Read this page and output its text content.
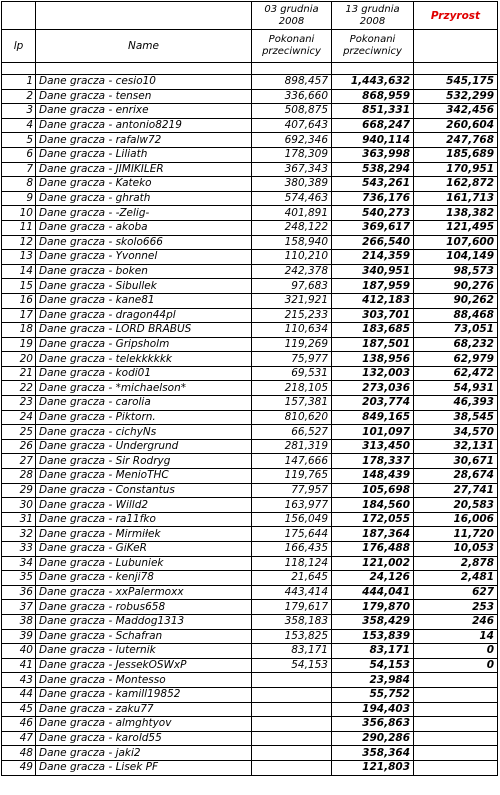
		03 grudnia 2008	13 grudnia 2008	Przyrost
lp	Name	Pokonani przeciwnicy	Pokonani przeciwnicy	

1	Dane gracza - cesio10	898,457	1,443,632	545,175
2	Dane gracza - tensen	336,660	868,959	532,299
3	Dane gracza - enrixe	508,875	851,331	342,456
4	Dane gracza - antonio8219	407,643	668,247	260,604
5	Dane gracza - rafalw72	692,346	940,114	247,768
6	Dane gracza - Liliath	178,309	363,998	185,689
7	Dane gracza - JIMIKILER	367,343	538,294	170,951
8	Dane gracza - Kateko	380,389	543,261	162,872
9	Dane gracza - ghrath	574,463	736,176	161,713
10	Dane gracza - -Zelig-	401,891	540,273	138,382
11	Dane gracza - akoba	248,122	369,617	121,495
12	Dane gracza - skolo666	158,940	266,540	107,600
13	Dane gracza - Yvonnel	110,210	214,359	104,149
14	Dane gracza - boken	242,378	340,951	98,573
15	Dane gracza - Sibullek	97,683	187,959	90,276
16	Dane gracza - kane81	321,921	412,183	90,262
17	Dane gracza - dragon44pl	215,233	303,701	88,468
18	Dane gracza - LORD BRABUS	110,634	183,685	73,051
19	Dane gracza - Gripsholm	119,269	187,501	68,232
20	Dane gracza - telekkkkkk	75,977	138,956	62,979
21	Dane gracza - kodi01	69,531	132,003	62,472
22	Dane gracza - *michaelson*	218,105	273,036	54,931
23	Dane gracza - carolia	157,381	203,774	46,393
24	Dane gracza - Piktorn.	810,620	849,165	38,545
25	Dane gracza - cichyNs	66,527	101,097	34,570
26	Dane gracza - Undergrund	281,319	313,450	32,131
27	Dane gracza - Sir Rodryg	147,666	178,337	30,671
28	Dane gracza - MenioTHC	119,765	148,439	28,674
29	Dane gracza - Constantus	77,957	105,698	27,741
30	Dane gracza - Willd2	163,977	184,560	20,583
31	Dane gracza - ra11fko	156,049	172,055	16,006
32	Dane gracza - Mirmiłek	175,644	187,364	11,720
33	Dane gracza - GiKeR	166,435	176,488	10,053
34	Dane gracza - Lubuniek	118,124	121,002	2,878
35	Dane gracza - kenji78	21,645	24,126	2,481
36	Dane gracza - xxPalermoxx	443,414	444,041	627
37	Dane gracza - robus658	179,617	179,870	253
38	Dane gracza - Maddog1313	358,183	358,429	246
39	Dane gracza - Schafran	153,825	153,839	14
40	Dane gracza - luternik	83,171	83,171	0
41	Dane gracza - JessekOSWxP	54,153	54,153	0
43	Dane gracza - Montesso		23,984	
44	Dane gracza - kamill19852		55,752	
45	Dane gracza - zaku77		194,403	
46	Dane gracza - almghtyov		356,863	
47	Dane gracza - karold55		290,286	
48	Dane gracza - jaki2		358,364	
49	Dane gracza - Lisek PF		121,803	
